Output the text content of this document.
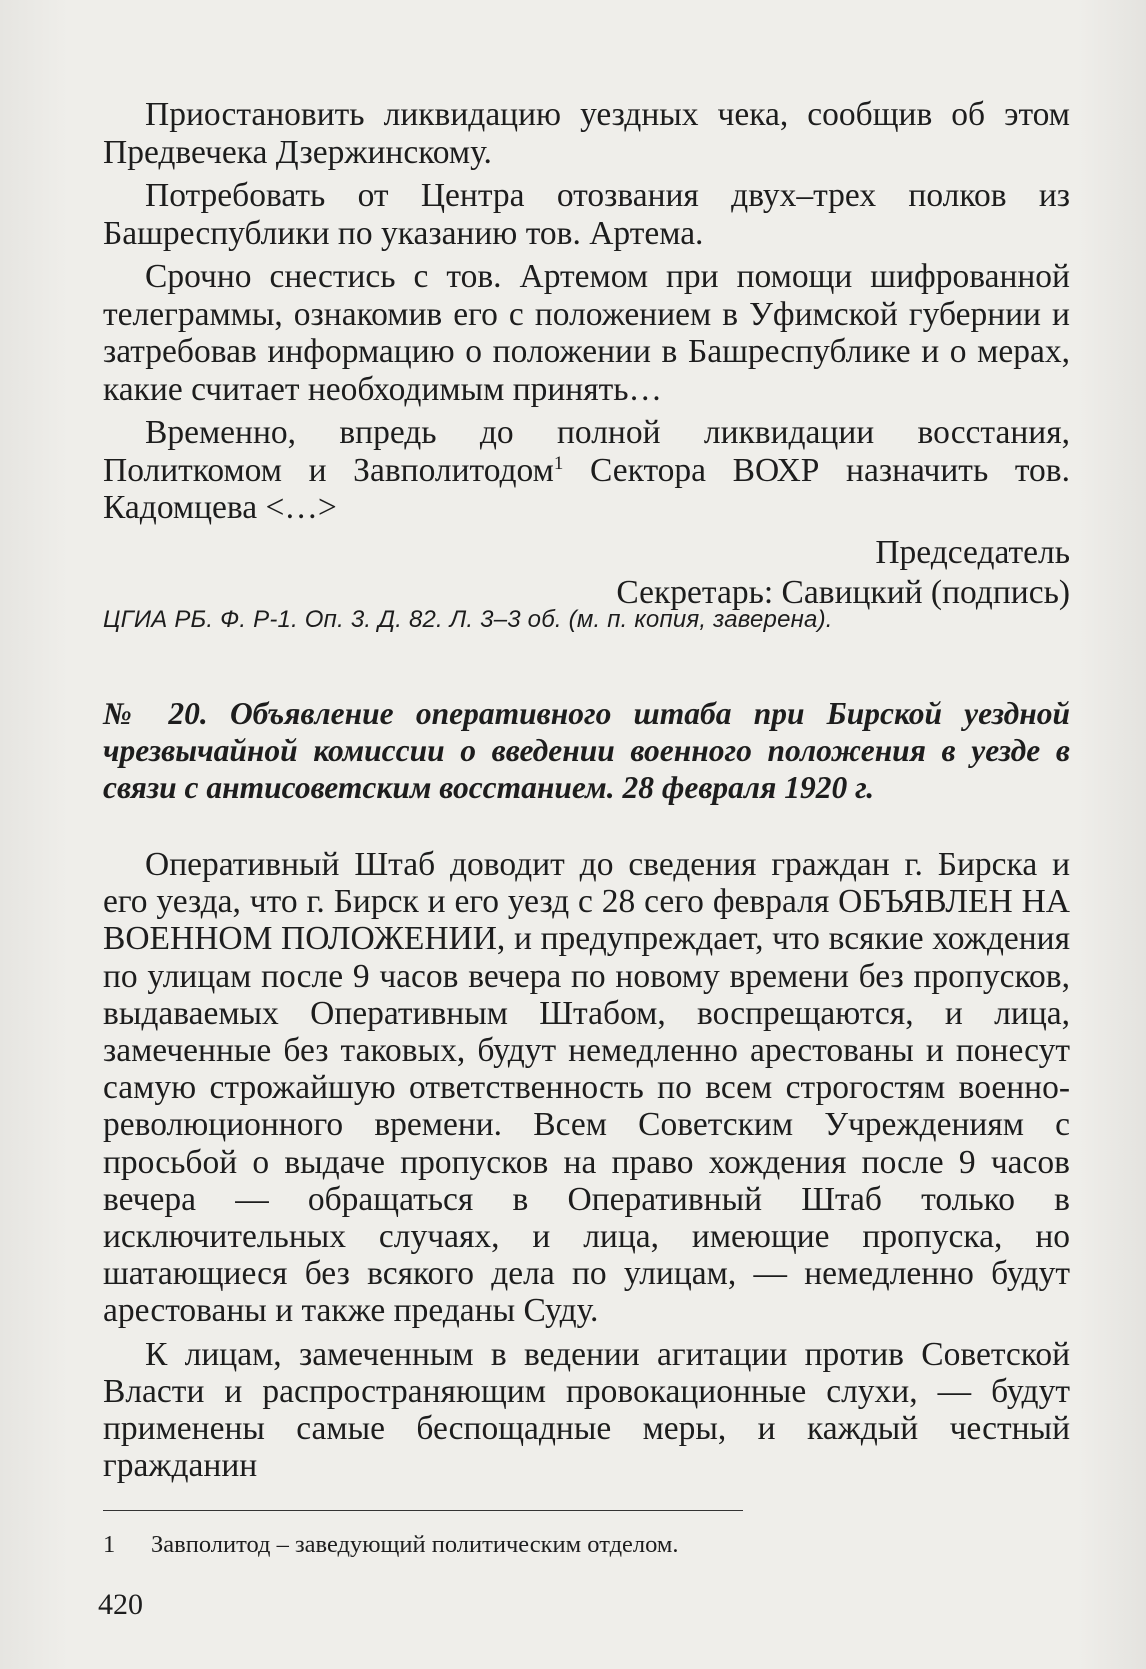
Приостановить ликвидацию уездных чека, сообщив об этом Предвечека Дзержинскому.

Потребовать от Центра отозвания двух–трех полков из Башреспублики по указанию тов. Артема.

Срочно снестись с тов. Артемом при помощи шифрованной телеграммы, ознакомив его с положением в Уфимской губернии и затребовав информацию о положении в Башреспублике и о мерах, какие считает необходимым принять…

Временно, впредь до полной ликвидации восстания, Политкомом и Завполитодом$^1$ Сектора ВОХР назначить тов. Кадомцева <…>

Председатель

Секретарь: Савицкий (подпись)

ЦГИА РБ. Ф. Р-1. Оп. 3. Д. 82. Л. 3–3 об. (м. п. копия, заверена).

№ 20. Объявление оперативного штаба при Бирской уездной чрезвычайной комиссии о введении военного положения в уезде в связи с антисоветским восстанием. 28 февраля 1920 г.

Оперативный Штаб доводит до сведения граждан г. Бирска и его уезда, что г. Бирск и его уезд с 28 сего февраля ОБЪЯВЛЕН НА ВОЕННОМ ПОЛОЖЕНИИ, и предупреждает, что всякие хождения по улицам после 9 часов вечера по новому времени без пропусков, выдаваемых Оперативным Штабом, воспрещаются, и лица, замеченные без таковых, будут немедленно арестованы и понесут самую строжайшую ответственность по всем строгостям военно-революционного времени. Всем Советским Учреждениям с просьбой о выдаче пропусков на право хождения после 9 часов вечера — обращаться в Оперативный Штаб только в исключительных случаях, и лица, имеющие пропуска, но шатающиеся без всякого дела по улицам, — немедленно будут арестованы и также преданы Суду.

К лицам, замеченным в ведении агитации против Советской Власти и распространяющим провокационные слухи, — будут применены самые беспощадные меры, и каждый честный гражданин

1 Завполитод – заведующий политическим отделом.

420
